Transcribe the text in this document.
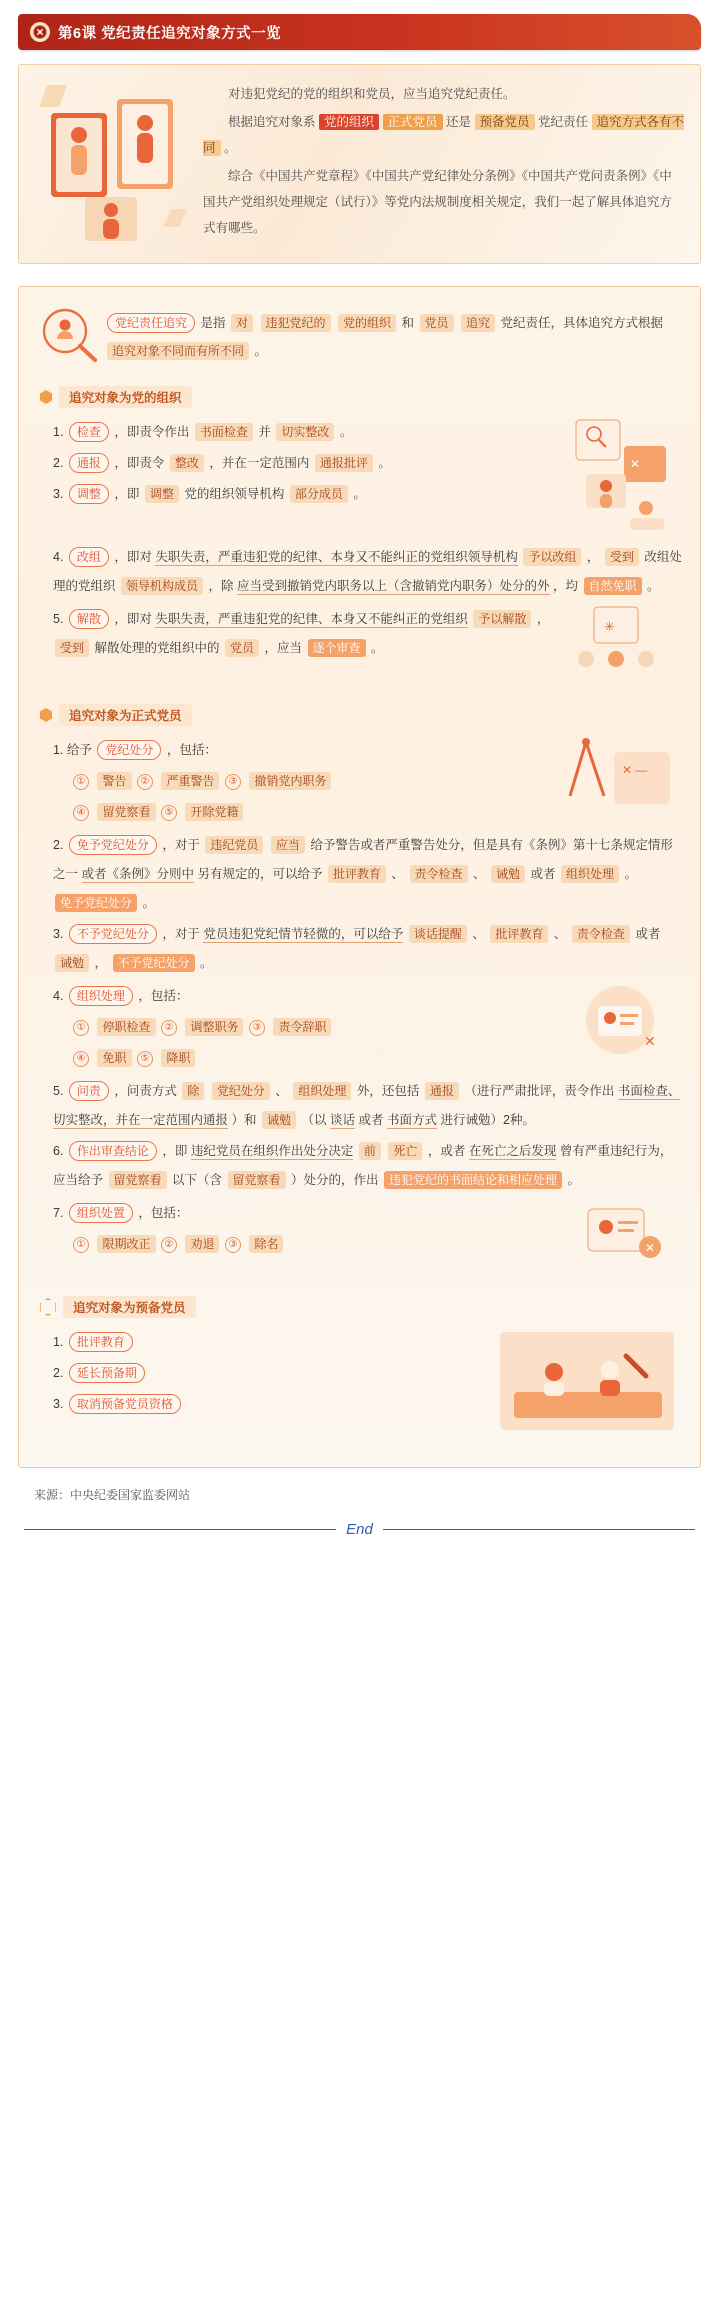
第6课 党纪责任追究对象方式一览

对违犯党纪的党的组织和党员，应当追究党纪责任。

根据追究对象系 党的组织 正式党员 还是 预备党员 党纪责任 追究方式各有不同 。

综合《中国共产党章程》《中国共产党纪律处分条例》《中国共产党问责条例》《中国共产党组织处理规定（试行）》等党内法规制度相关规定，我们一起了解具体追究方式有哪些。

党纪责任追究 是指 对 违犯党纪的 党的组织 和 党员 追究 党纪责任，具体追究方式根据 追究对象不同而有所不同 。
追究对象为党的组织
1. 检查 ，即责令作出 书面检查 并 切实整改 。
2. 通报 ，即责令 整改 ，并在一定范围内 通报批评 。
3. 调整 ，即 调整 党的组织领导机构 部分成员 。
✕
4. 改组 ，即对 失职失责，严重违犯党的纪律、本身又不能纠正的党组织领导机构 予以改组 ， 受到 改组处理的党组织 领导机构成员 ，除 应当受到撤销党内职务以上（含撤销党内职务）处分的外 ，均 自然免职 。
5. 解散 ，即对 失职失责，严重违犯党的纪律、本身又不能纠正的党组织 予以解散 ， 受到 解散处理的党组织中的 党员 ，应当 逐个审查 。
✳
追究对象为正式党员
1. 给予 党纪处分 ，包括：
① 警告 ② 严重警告 ③ 撤销党内职务
④ 留党察看 ⑤ 开除党籍
✕ —
2. 免予党纪处分 ，对于 违纪党员 应当 给予警告或者严重警告处分，但是具有《条例》第十七条规定情形之一 或者《条例》分则中 另有规定的，可以给予 批评教育 、 责令检查 、 诫勉 或者 组织处理 。 免予党纪处分 。
3. 不予党纪处分 ，对于 党员违犯党纪情节轻微的，可以给予 谈话提醒 、 批评教育 、 责令检查 或者 诫勉 ， 不予党纪处分 。
4. 组织处理 ，包括：
① 停职检查 ② 调整职务 ③ 责令辞职
④ 免职 ⑤ 降职
✕
5. 问责 ，问责方式 除 党纪处分 、 组织处理 外，还包括 通报 （进行严肃批评，责令作出 书面检查、切实整改，并在一定范围内通报 ）和 诫勉 （以 谈话 或者 书面方式 进行诫勉）2种。
6. 作出审查结论 ，即 违纪党员在组织作出处分决定 前 死亡 ，或者 在死亡之后发现 曾有严重违纪行为，应当给予 留党察看 以下（含 留党察看 ）处分的，作出 违犯党纪的书面结论和相应处理 。
7. 组织处置 ，包括：
① 限期改正 ② 劝退 ③ 除名	✕
追究对象为预备党员
1. 批评教育
2. 延长预备期
3. 取消预备党员资格
来源：中央纪委国家监委网站
End
